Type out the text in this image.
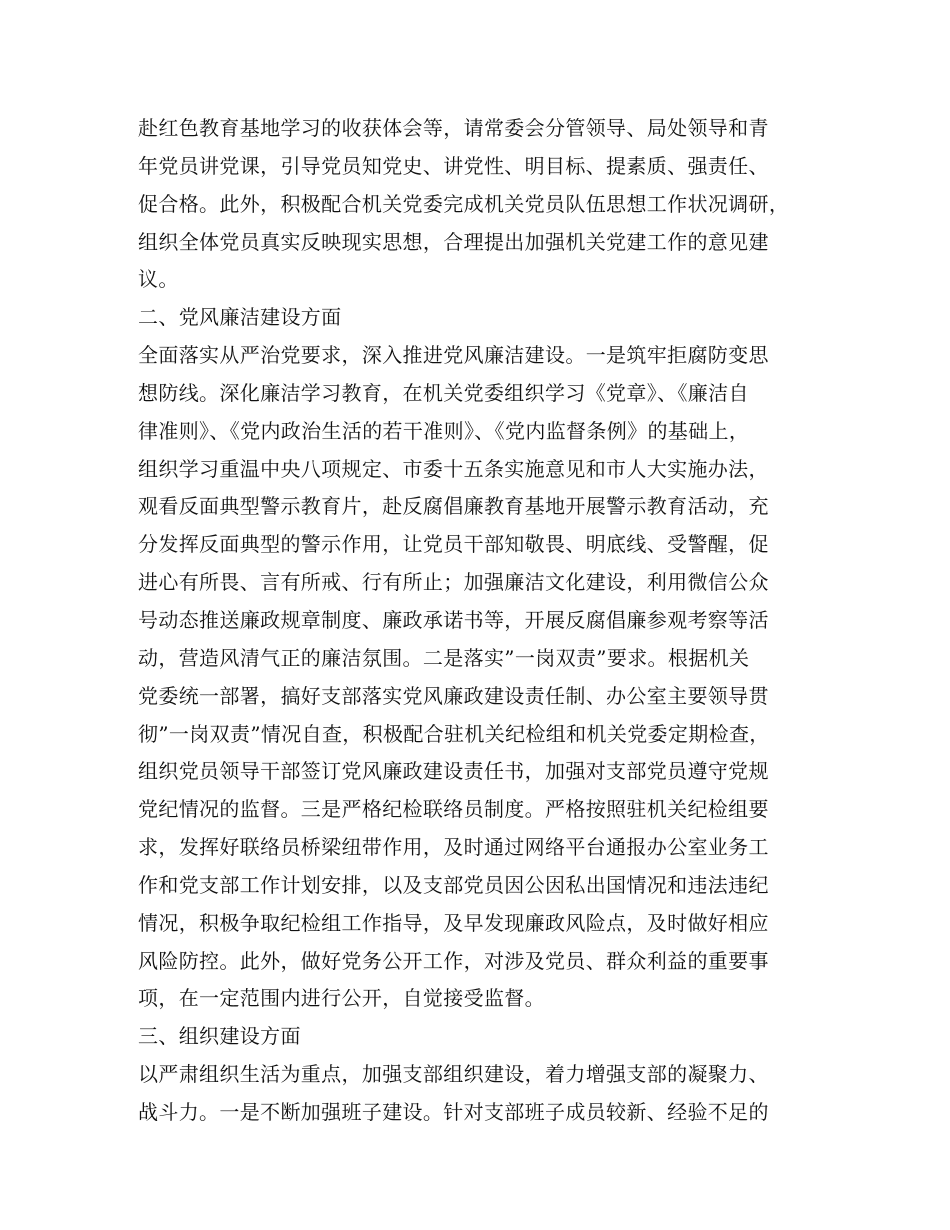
赴红色教育基地学习的收获体会等，请常委会分管领导、局处领导和青
年党员讲党课，引导党员知党史、讲党性、明目标、提素质、强责任、
促合格。此外，积极配合机关党委完成机关党员队伍思想工作状况调研，
组织全体党员真实反映现实思想，合理提出加强机关党建工作的意见建
议。
二、党风廉洁建设方面
全面落实从严治党要求，深入推进党风廉洁建设。一是筑牢拒腐防变思
想防线。深化廉洁学习教育，在机关党委组织学习《党章》、《廉洁自
律准则》、《党内政治生活的若干准则》、《党内监督条例》的基础上，
组织学习重温中央八项规定、市委十五条实施意见和市人大实施办法，
观看反面典型警示教育片，赴反腐倡廉教育基地开展警示教育活动，充
分发挥反面典型的警示作用，让党员干部知敬畏、明底线、受警醒，促
进心有所畏、言有所戒、行有所止；加强廉洁文化建设，利用微信公众
号动态推送廉政规章制度、廉政承诺书等，开展反腐倡廉参观考察等活
动，营造风清气正的廉洁氛围。二是落实”一岗双责”要求。根据机关
党委统一部署，搞好支部落实党风廉政建设责任制、办公室主要领导贯
彻”一岗双责”情况自查，积极配合驻机关纪检组和机关党委定期检查，
组织党员领导干部签订党风廉政建设责任书，加强对支部党员遵守党规
党纪情况的监督。三是严格纪检联络员制度。严格按照驻机关纪检组要
求，发挥好联络员桥梁纽带作用，及时通过网络平台通报办公室业务工
作和党支部工作计划安排，以及支部党员因公因私出国情况和违法违纪
情况，积极争取纪检组工作指导，及早发现廉政风险点，及时做好相应
风险防控。此外，做好党务公开工作，对涉及党员、群众利益的重要事
项，在一定范围内进行公开，自觉接受监督。
三、组织建设方面
以严肃组织生活为重点，加强支部组织建设，着力增强支部的凝聚力、
战斗力。一是不断加强班子建设。针对支部班子成员较新、经验不足的
